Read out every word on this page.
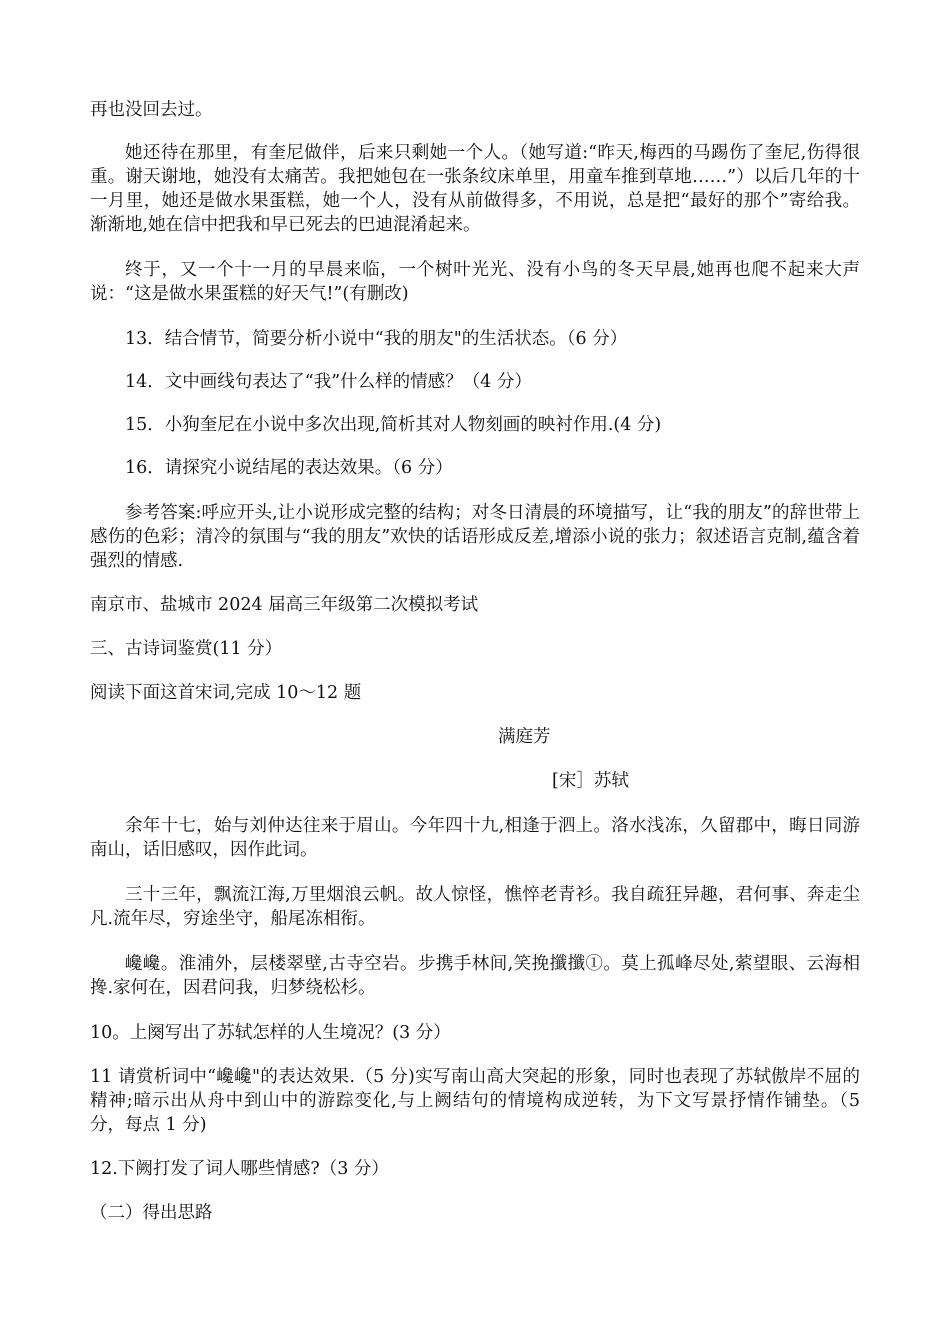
再也没回去过。

她还待在那里，有奎尼做伴，后来只剩她一个人。（她写道:“昨天,梅西的马踢伤了奎尼,伤得很重。谢天谢地，她没有太痛苦。我把她包在一张条纹床单里，用童车推到草地……”）以后几年的十一月里，她还是做水果蛋糕，她一个人，没有从前做得多，不用说，总是把“最好的那个”寄给我。渐渐地,她在信中把我和早已死去的巴迪混淆起来。

终于，又一个十一月的早晨来临，一个树叶光光、没有小鸟的冬天早晨,她再也爬不起来大声说：“这是做水果蛋糕的好天气!”(有删改)

13．结合情节，简要分析小说中“我的朋友"的生活状态。（6 分）

14．文中画线句表达了“我”什么样的情感？（4 分）

15．小狗奎尼在小说中多次出现,简析其对人物刻画的映衬作用.(4 分)

16．请探究小说结尾的表达效果。（6 分）

参考答案:呼应开头,让小说形成完整的结构；对冬日清晨的环境描写，让“我的朋友”的辞世带上感伤的色彩；清冷的氛围与“我的朋友”欢快的话语形成反差,增添小说的张力；叙述语言克制,蕴含着强烈的情感.

南京市、盐城市 2024 届高三年级第二次模拟考试

三、古诗词鉴赏(11 分）

阅读下面这首宋词,完成 10～12 题

满庭芳

[宋］苏轼

余年十七，始与刘仲达往来于眉山。今年四十九,相逢于泗上。洛水浅冻，久留郡中，晦日同游南山，话旧感叹，因作此词。

三十三年，飘流江海,万里烟浪云帆。故人惊怪，憔悴老青衫。我自疏狂异趣，君何事、奔走尘凡.流年尽，穷途坐守，船尾冻相衔。

巉巉。淮浦外，层楼翠壁,古寺空岩。步携手林间,笑挽攕攕①。莫上孤峰尽处,萦望眼、云海相搀.家何在，因君问我，归梦绕松杉。

10。上阕写出了苏轼怎样的人生境况？(3 分）

11 请赏析词中“巉巉"的表达效果.（5 分)实写南山高大突起的形象，同时也表现了苏轼傲岸不屈的精神;暗示出从舟中到山中的游踪变化,与上阙结句的情境构成逆转，为下文写景抒情作铺垫。（5 分，每点 1 分)

12.下阙打发了词人哪些情感?（3 分）

（二）得出思路
